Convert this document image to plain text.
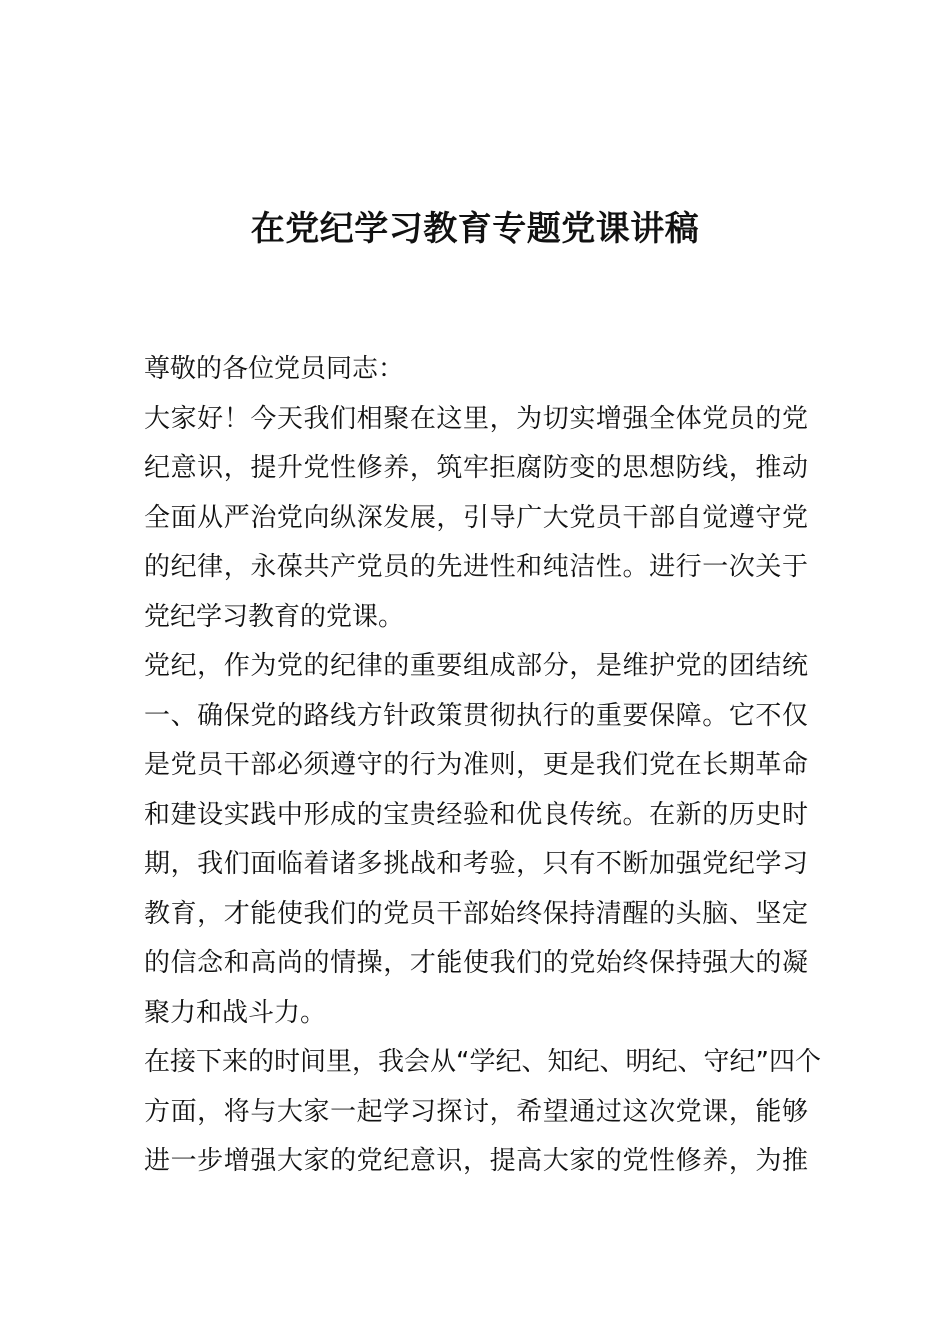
在党纪学习教育专题党课讲稿
尊敬的各位党员同志：
大家好！今天我们相聚在这里，为切实增强全体党员的党
纪意识，提升党性修养，筑牢拒腐防变的思想防线，推动
全面从严治党向纵深发展，引导广大党员干部自觉遵守党
的纪律，永葆共产党员的先进性和纯洁性。进行一次关于
党纪学习教育的党课。
党纪，作为党的纪律的重要组成部分，是维护党的团结统
一、确保党的路线方针政策贯彻执行的重要保障。它不仅
是党员干部必须遵守的行为准则，更是我们党在长期革命
和建设实践中形成的宝贵经验和优良传统。在新的历史时
期，我们面临着诸多挑战和考验，只有不断加强党纪学习
教育，才能使我们的党员干部始终保持清醒的头脑、坚定
的信念和高尚的情操，才能使我们的党始终保持强大的凝
聚力和战斗力。
在接下来的时间里，我会从“学纪、知纪、明纪、守纪”四个
方面，将与大家一起学习探讨，希望通过这次党课，能够
进一步增强大家的党纪意识，提高大家的党性修养，为推
